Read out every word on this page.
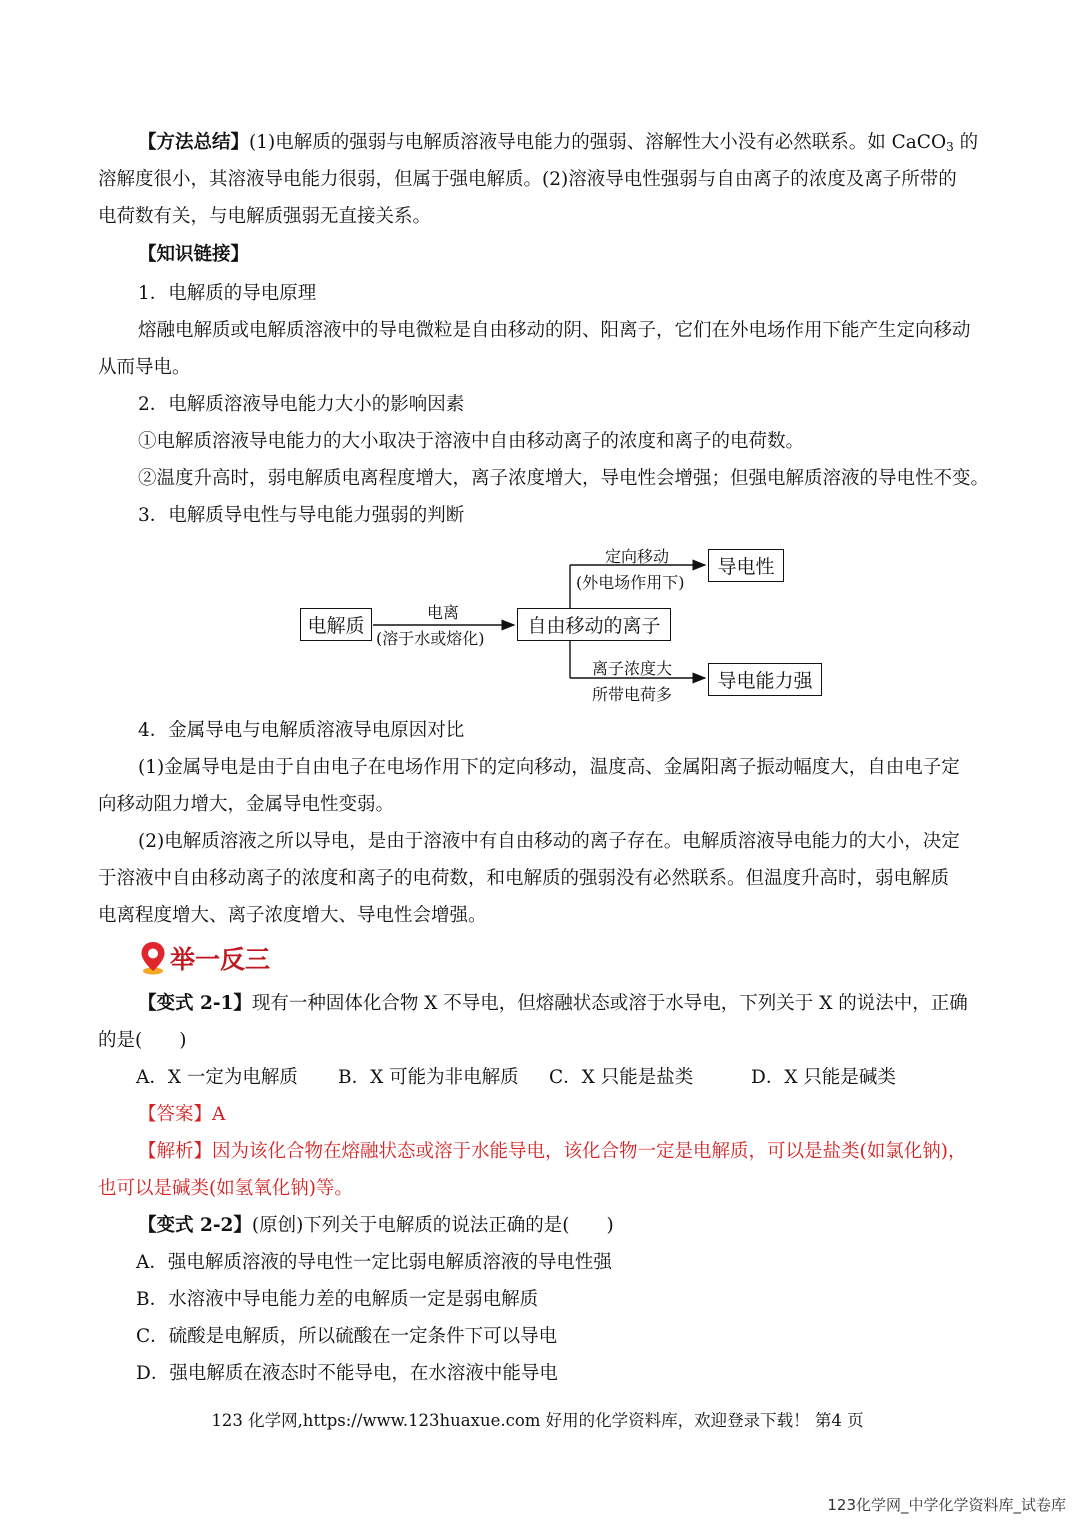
【方法总结】(1)电解质的强弱与电解质溶液导电能力的强弱、溶解性大小没有必然联系。如 CaCO$_3$ 的
溶解度很小，其溶液导电能力很弱，但属于强电解质。(2)溶液导电性强弱与自由离子的浓度及离子所带的
电荷数有关，与电解质强弱无直接关系。
【知识链接】
1．电解质的导电原理
熔融电解质或电解质溶液中的导电微粒是自由移动的阴、阳离子，它们在外电场作用下能产生定向移动
从而导电。
2．电解质溶液导电能力大小的影响因素
①电解质溶液导电能力的大小取决于溶液中自由移动离子的浓度和离子的电荷数。
②温度升高时，弱电解质电离程度增大，离子浓度增大，导电性会增强；但强电解质溶液的导电性不变。
3．电解质导电性与导电能力强弱的判断
电解质
电离
(溶于水或熔化)
自由移动的离子
定向移动
(外电场作用下)
导电性
离子浓度大
所带电荷多
导电能力强
4．金属导电与电解质溶液导电原因对比
(1)金属导电是由于自由电子在电场作用下的定向移动，温度高、金属阳离子振动幅度大，自由电子定
向移动阻力增大，金属导电性变弱。
(2)电解质溶液之所以导电，是由于溶液中有自由移动的离子存在。电解质溶液导电能力的大小，决定
于溶液中自由移动离子的浓度和离子的电荷数，和电解质的强弱没有必然联系。但温度升高时，弱电解质
电离程度增大、离子浓度增大、导电性会增强。
举一反三
【变式 2-1】现有一种固体化合物 X 不导电，但熔融状态或溶于水导电，下列关于 X 的说法中，正确
的是(　　)
A．X 一定为电解质 B．X 可能为非电解质 C．X 只能是盐类	D．X 只能是碱类
【答案】A
【解析】因为该化合物在熔融状态或溶于水能导电，该化合物一定是电解质，可以是盐类(如氯化钠)，
也可以是碱类(如氢氧化钠)等。
【变式 2-2】(原创)下列关于电解质的说法正确的是(　　)
A．强电解质溶液的导电性一定比弱电解质溶液的导电性强
B．水溶液中导电能力差的电解质一定是弱电解质
C．硫酸是电解质，所以硫酸在一定条件下可以导电
D．强电解质在液态时不能导电，在水溶液中能导电
123 化学网,https://www.123huaxue.com 好用的化学资料库，欢迎登录下载！ 第4 页
123化学网_中学化学资料库_试卷库
